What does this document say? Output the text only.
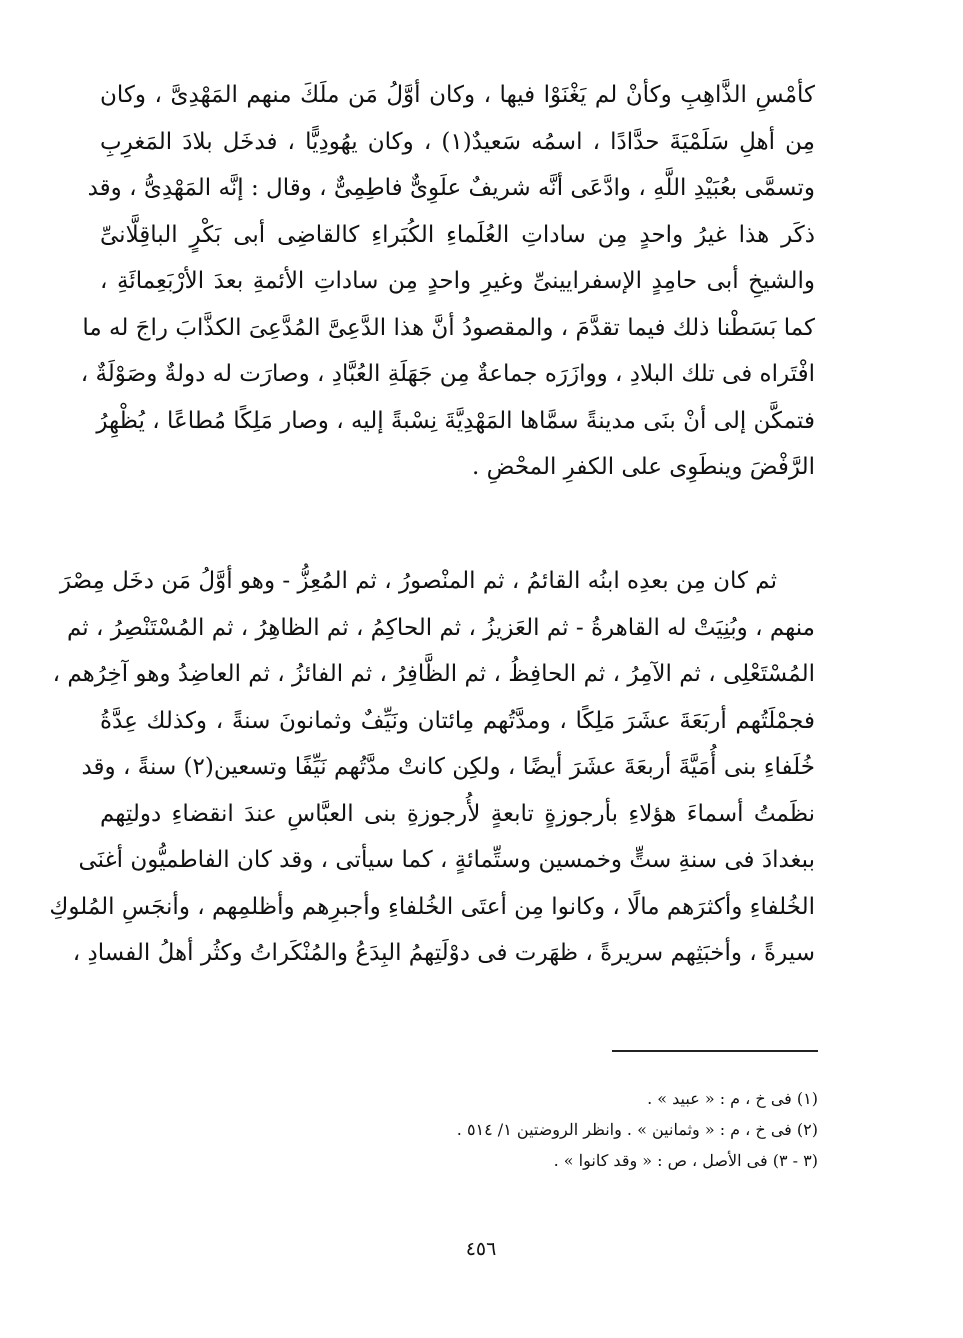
كأمْسِ الذَّاهِبِ وكأنْ لم يَغْنَوْا فيها ، وكان أوَّلُ مَن ملَكَ منهم المَهْدِىَّ ، وكان
مِن أهلِ سَلَمْيَةَ حدَّادًا ، اسمُه سَعيدٌ(١) ، وكان يهُودِيًّا ، فدخَل بلادَ المَغرِبِ
وتسمَّى بعُبَيْدِ اللَّهِ ، وادَّعَى أنَّه شريفٌ علَوِىٌّ فاطِمِىٌّ ، وقال : إنَّه المَهْدِىُّ ، وقد
ذكَر هذا غيرُ واحدٍ مِن ساداتِ العُلَماءِ الكُبَراءِ كالقاضِى أبى بَكْرٍ الباقِلَّانىِّ
والشيخِ أبى حامِدٍ الإسفرايينىِّ وغيرِ واحدٍ مِن ساداتِ الأئمةِ بعدَ الأرْبَعِمائَةِ ،
كما بَسَطْنا ذلك فيما تقدَّمَ ، والمقصودُ أنَّ هذا الدَّعِىَّ المُدَّعِىَ الكذَّابَ راجَ له ما
افْتَراه فى تلك البلادِ ، ووازَرَه جماعةٌ مِن جَهَلَةِ العُبَّادِ ، وصارَت له دولةٌ وصَوْلَةٌ ،
فتمكَّن إلى أنْ بنَى مدينةً سمَّاها المَهْدِيَّةَ نِسْبةً إليه ، وصار مَلِكًا مُطاعًا ، يُظْهِرُ
الرَّفْضَ وينطَوِى على الكفرِ المحْضِ .
ثم كان مِن بعدِه ابنُه القائمُ ، ثم المنْصورُ ، ثم المُعِزُّ - وهو أوَّلُ مَن دخَل مِصْرَ
منهم ، وبُنِيَتْ له القاهرةُ - ثم العَزيزُ ، ثم الحاكِمُ ، ثم الظاهِرُ ، ثم المُسْتَنْصِرُ ، ثم
المُسْتَعْلِى ، ثم الآمِرُ ، ثم الحافِظُ ، ثم الظَّافِرُ ، ثم الفائزُ ، ثم العاضِدُ وهو آخِرُهم ،
فجمْلَتُهم أربَعَةَ عشَرَ مَلِكًا ، ومدَّتُهم مِائتان ونَيِّفٌ وثمانونَ سنةً ، وكذلك عِدَّةُ
خُلَفاءِ بنى أُمَيَّةَ أربعَةَ عشَرَ أيضًا ، ولكِن كانتْ مدَّتُهم نَيِّفًا وتسعين(٢) سنةً ، وقد
نظَمتُ أسماءَ هؤلاءِ بأرجوزةٍ تابعةٍ لأُرجوزةِ بنى العبَّاسِ عندَ انقضاءِ دولتِهم
ببغدادَ فى سنةِ ستٍّ وخمسين وستِّمائةٍ ، كما سيأتى ، وقد كان الفاطميُّون أغنَى
الخُلفاءِ وأكثرَهم مالًا ، وكانوا مِن أعتَى الخُلفاءِ وأجبرِهم وأظلمِهم ، وأنجَسِ المُلوكِ
سيرةً ، وأخبَثِهم سريرةً ، ظهَرت فى دوْلَتِهمُ البِدَعُ والمُنْكَراتُ وكثُر أهلُ الفسادِ ،
(١) فى خ ، م : « عبيد » .
(٢) فى خ ، م : « وثمانين » . وانظر الروضتين ١/ ٥١٤ .
(٣ - ٣) فى الأصل ، ص : « وقد كانوا » .
٤٥٦
